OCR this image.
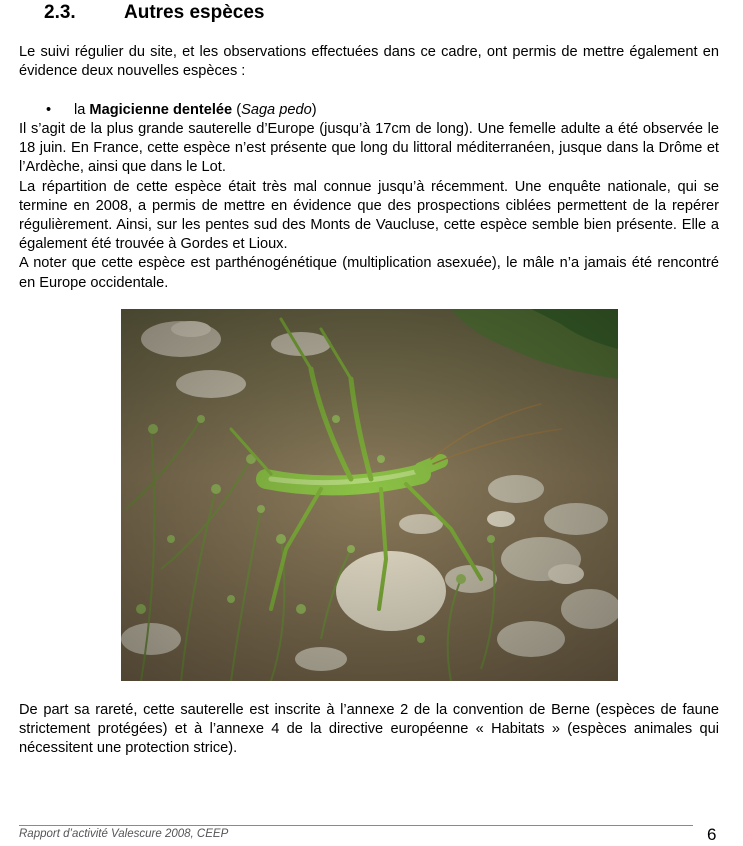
2.3.	Autres espèces
Le suivi régulier du site, et les observations effectuées dans ce cadre, ont permis de mettre également en évidence deux nouvelles espèces :
• la Magicienne dentelée (Saga pedo)
Il s’agit de la plus grande sauterelle d’Europe (jusqu’à 17cm de long). Une femelle adulte a été observée le 18 juin. En France, cette espèce n’est présente que long du littoral méditerranéen, jusque dans la Drôme et l’Ardèche, ainsi que dans le Lot.
La répartition de cette espèce était très mal connue jusqu’à récemment. Une enquête nationale, qui se termine en 2008, a permis de mettre en évidence que des prospections ciblées permettent de la repérer régulièrement. Ainsi, sur les pentes sud des Monts de Vaucluse, cette espèce semble bien présente. Elle a également été trouvée à Gordes et Lioux.
A noter que cette espèce est parthénogénétique (multiplication asexuée), le mâle n’a jamais été rencontré en Europe occidentale.
De part sa rareté, cette sauterelle est inscrite à l’annexe 2 de la convention de Berne (espèces de faune strictement protégées) et à l’annexe 4 de la directive européenne « Habitats » (espèces animales qui nécessitent une protection strice).
Rapport d’activité Valescure 2008, CEEP	6
